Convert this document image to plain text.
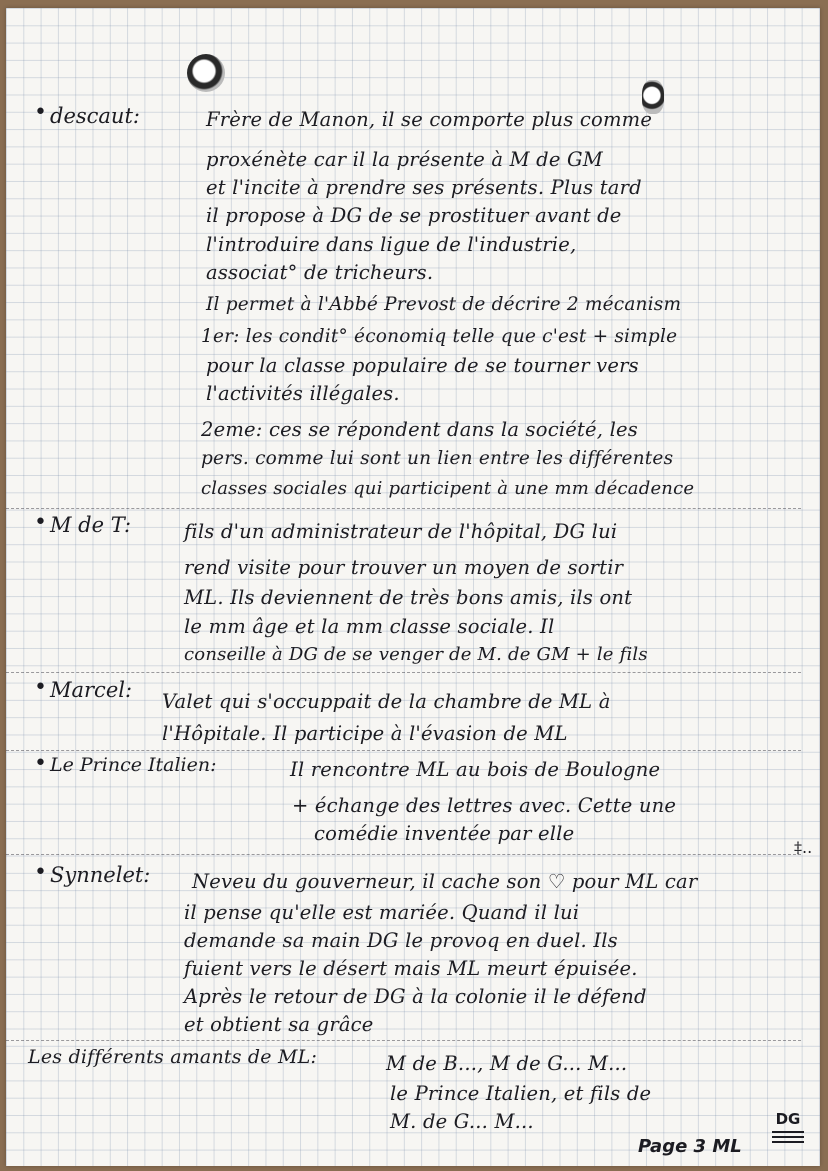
• descaut:	Frère de Manon, il se comporte plus comme
proxénète car il la présente à M de GM
et l'incite à prendre ses présents. Plus tard
il propose à DG de se prostituer avant de
l'introduire dans ligue de l'industrie,
associat° de tricheurs.
Il permet à l'Abbé Prevost de décrire 2 mécanism
1er: les condit° économiq telle que c'est + simple
pour la classe populaire de se tourner vers
l'activités illégales.
2eme: ces se répondent dans la société, les
pers. comme lui sont un lien entre les différentes
classes sociales qui participent à une mm décadence
• M de T:	fils d'un administrateur de l'hôpital, DG lui
rend visite pour trouver un moyen de sortir
ML. Ils deviennent de très bons amis, ils ont
le mm âge et la mm classe sociale. Il
conseille à DG de se venger de M. de GM + le fils
• Marcel: Valet qui s'occuppait de la chambre de ML à
l'Hôpitale. Il participe à l'évasion de ML
• Le Prince Italien:	Il rencontre ML au bois de Boulogne
+ échange des lettres avec. Cette une
comédie inventée par elle
‡..
• Synnelet: Neveu du gouverneur, il cache son ♡ pour ML car
il pense qu'elle est mariée. Quand il lui
demande sa main DG le provoq en duel. Ils
fuient vers le désert mais ML meurt épuisée.
Après le retour de DG à la colonie il le défend
et obtient sa grâce
Les différents amants de ML:	M de B..., M de G... M...
le Prince Italien, et fils de
M. de G... M...
Page 3 ML
DG
